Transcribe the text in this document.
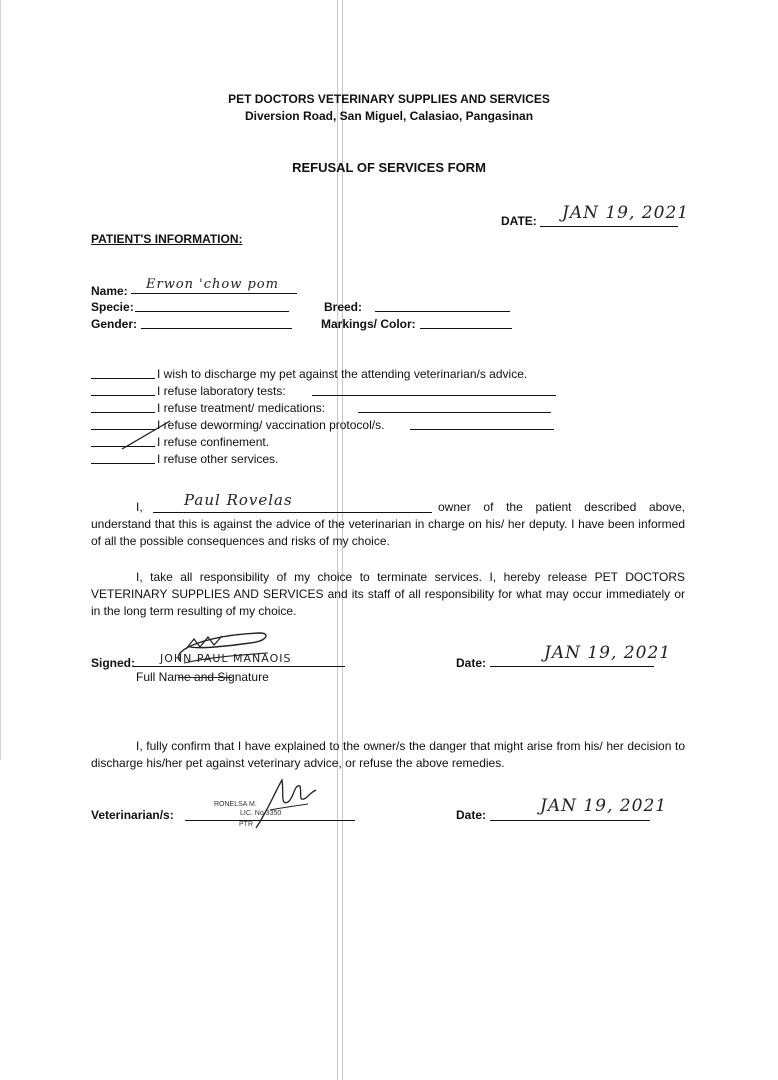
PET DOCTORS VETERINARY SUPPLIES AND SERVICES
Diversion Road, San Miguel, Calasiao, Pangasinan
REFUSAL OF SERVICES FORM
DATE: JAN 19, 2021
PATIENT'S INFORMATION:
Name: Erwon 'chow pom
Specie:	Breed:
Gender:	Markings/ Color:
I wish to discharge my pet against the attending veterinarian/s advice.
I refuse laboratory tests:
I refuse treatment/ medications:
I refuse deworming/ vaccination protocol/s.
I refuse confinement.
I refuse other services.
I,	Paul Rovelas	owner of the patient described above,
understand that this is against the advice of the veterinarian in charge on his/ her deputy. I have been informed of all the possible consequences and risks of my choice.
I, take all responsibility of my choice to terminate services. I, hereby release PET DOCTORS VETERINARY SUPPLIES AND SERVICES and its staff of all responsibility for what may occur immediately or in the long term resulting of my choice.
Signed: JOHN PAUL MANAOIS
Full Name and Signature
Date:	JAN 19, 2021
I, fully confirm that I have explained to the owner/s the danger that might arise from his/ her decision to discharge his/her pet against veterinary advice, or refuse the above remedies.
Veterinarian/s:
RONELSA M.
LIC. No 3350
PTR
Date:	JAN 19, 2021
